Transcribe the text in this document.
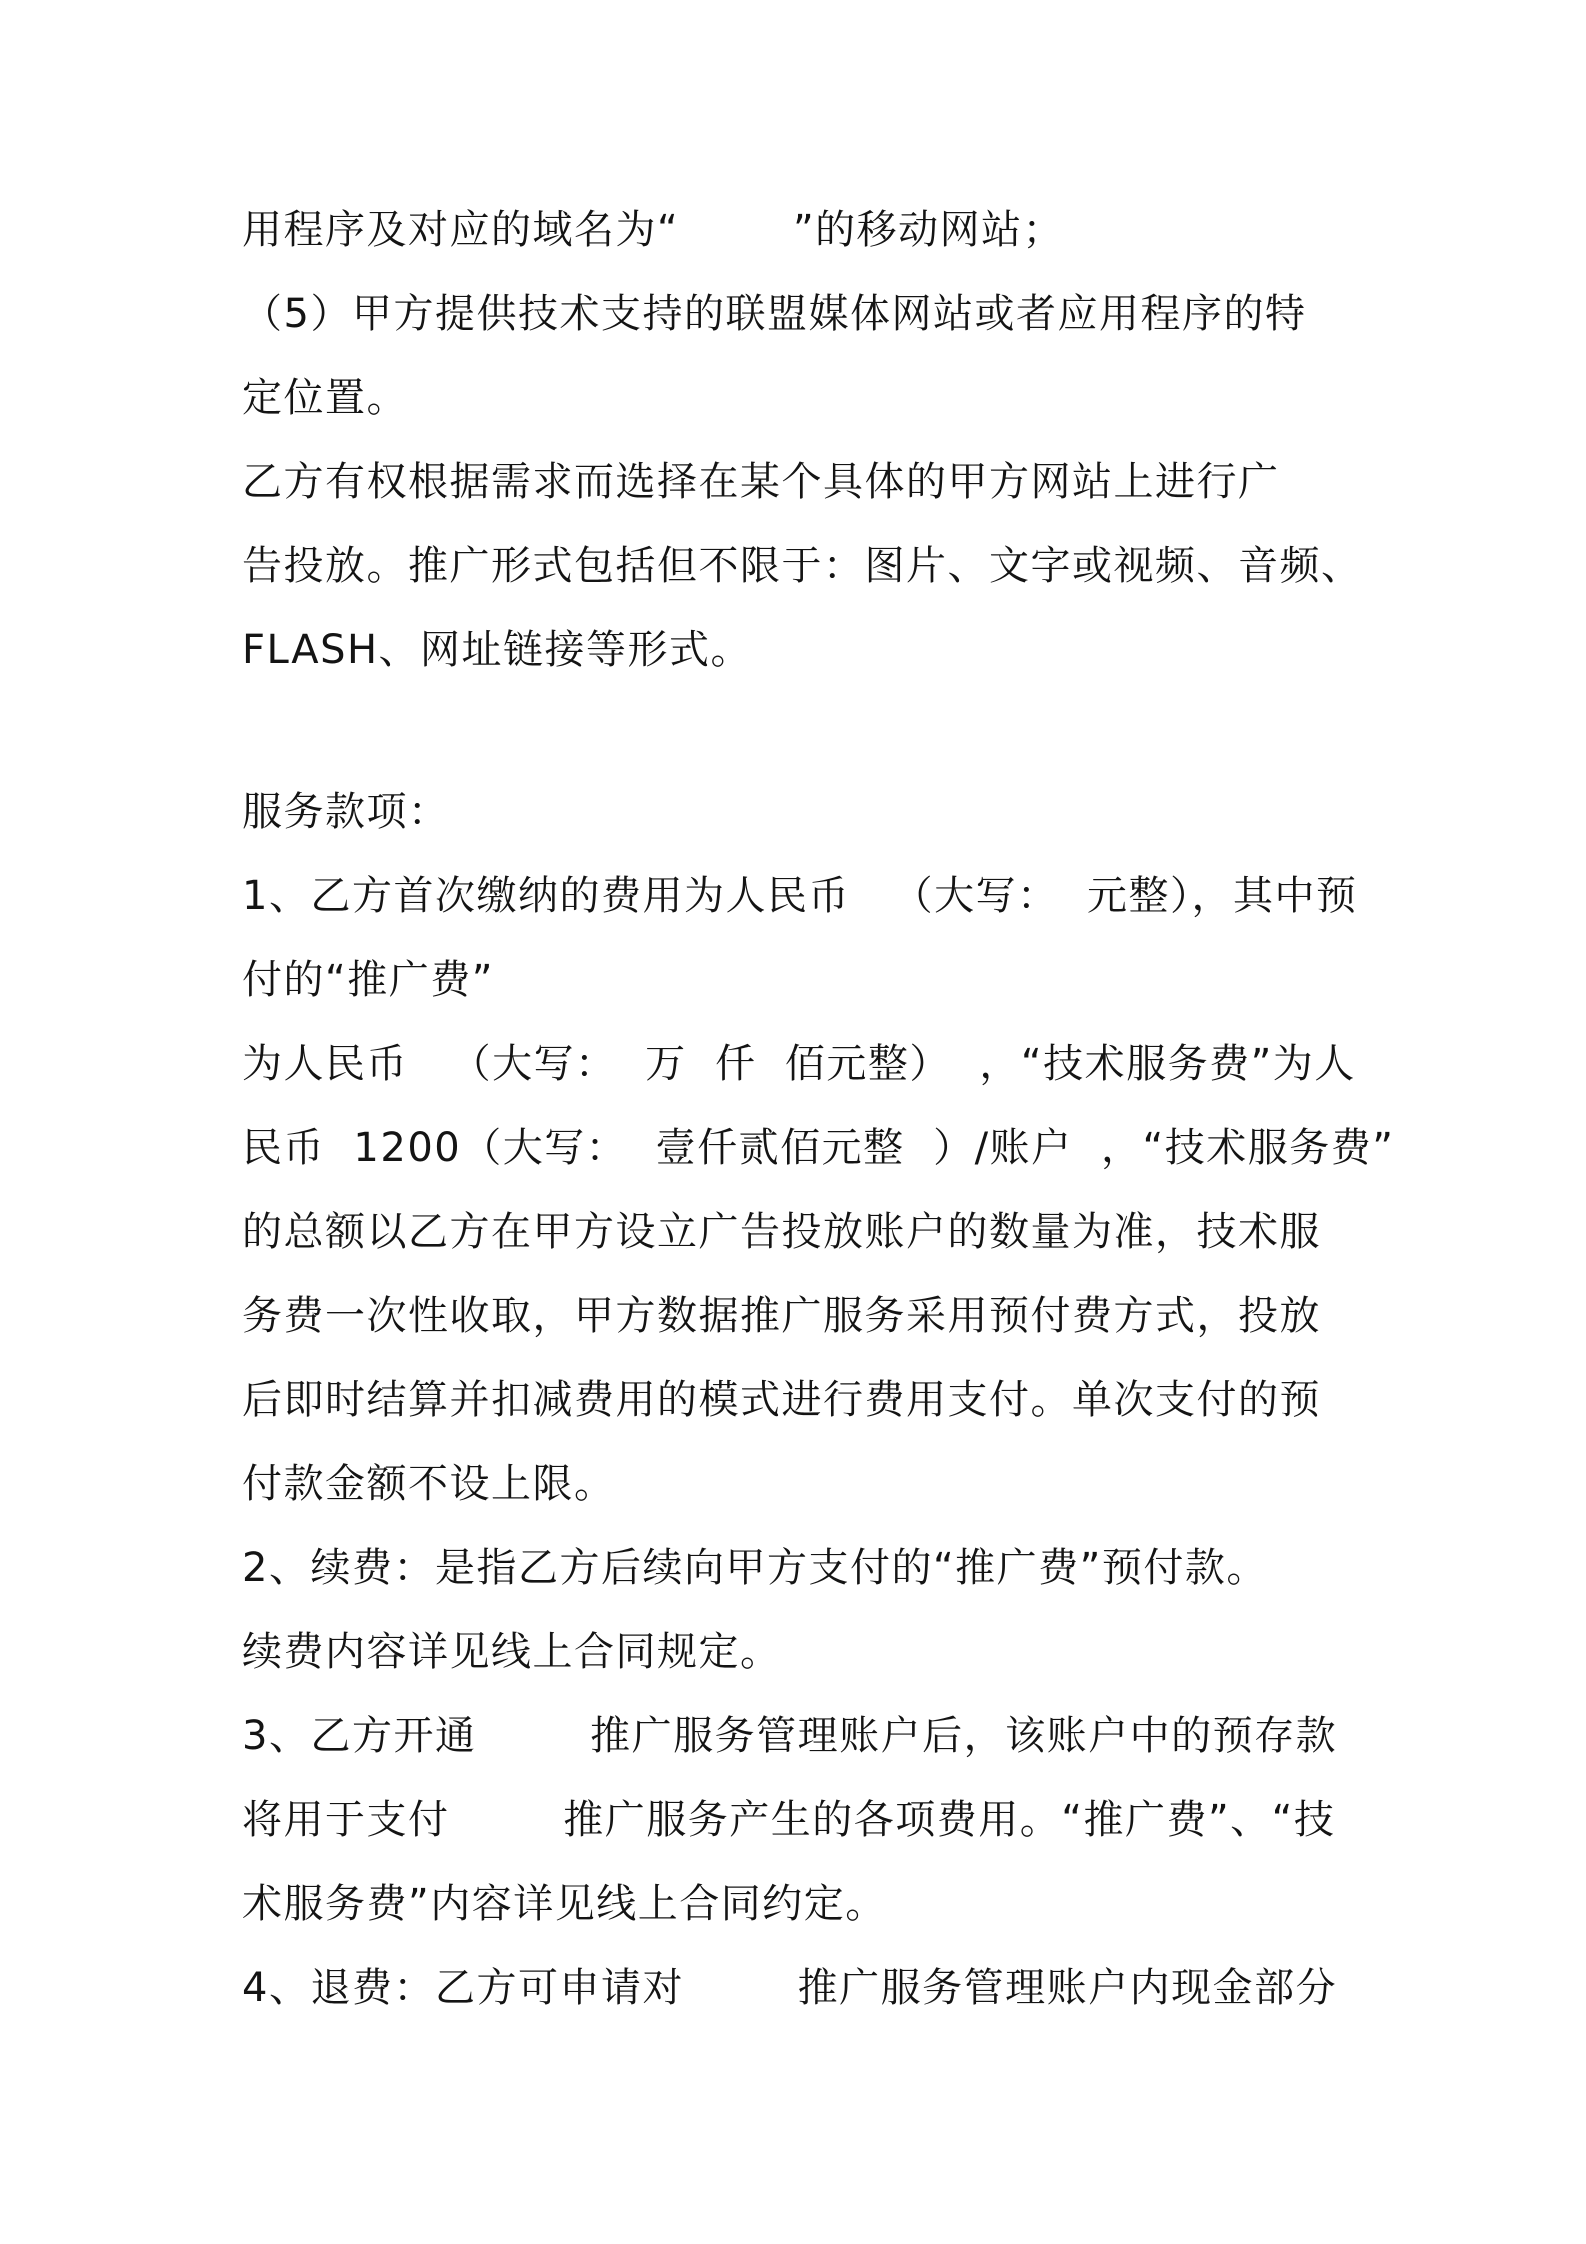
用程序及对应的域名为“        ”的移动网站；
（5）甲方提供技术支持的联盟媒体网站或者应用程序的特
定位置。
乙方有权根据需求而选择在某个具体的甲方网站上进行广
告投放。推广形式包括但不限于：图片、文字或视频、音频、
FLASH、网址链接等形式。
服务款项：
1、乙方首次缴纳的费用为人民币   （大写：  元整），其中预
付的“推广费”
为人民币   （大写：  万  仟  佰元整）  ，“技术服务费”为人
民币  1200（大写：  壹仟贰佰元整  ）/账户  ，“技术服务费”
的总额以乙方在甲方设立广告投放账户的数量为准，技术服
务费一次性收取，甲方数据推广服务采用预付费方式，投放
后即时结算并扣减费用的模式进行费用支付。单次支付的预
付款金额不设上限。
2、续费：是指乙方后续向甲方支付的“推广费”预付款。
续费内容详见线上合同规定。
3、乙方开通        推广服务管理账户后，该账户中的预存款
将用于支付        推广服务产生的各项费用。“推广费”、“技
术服务费”内容详见线上合同约定。
4、退费：乙方可申请对        推广服务管理账户内现金部分
